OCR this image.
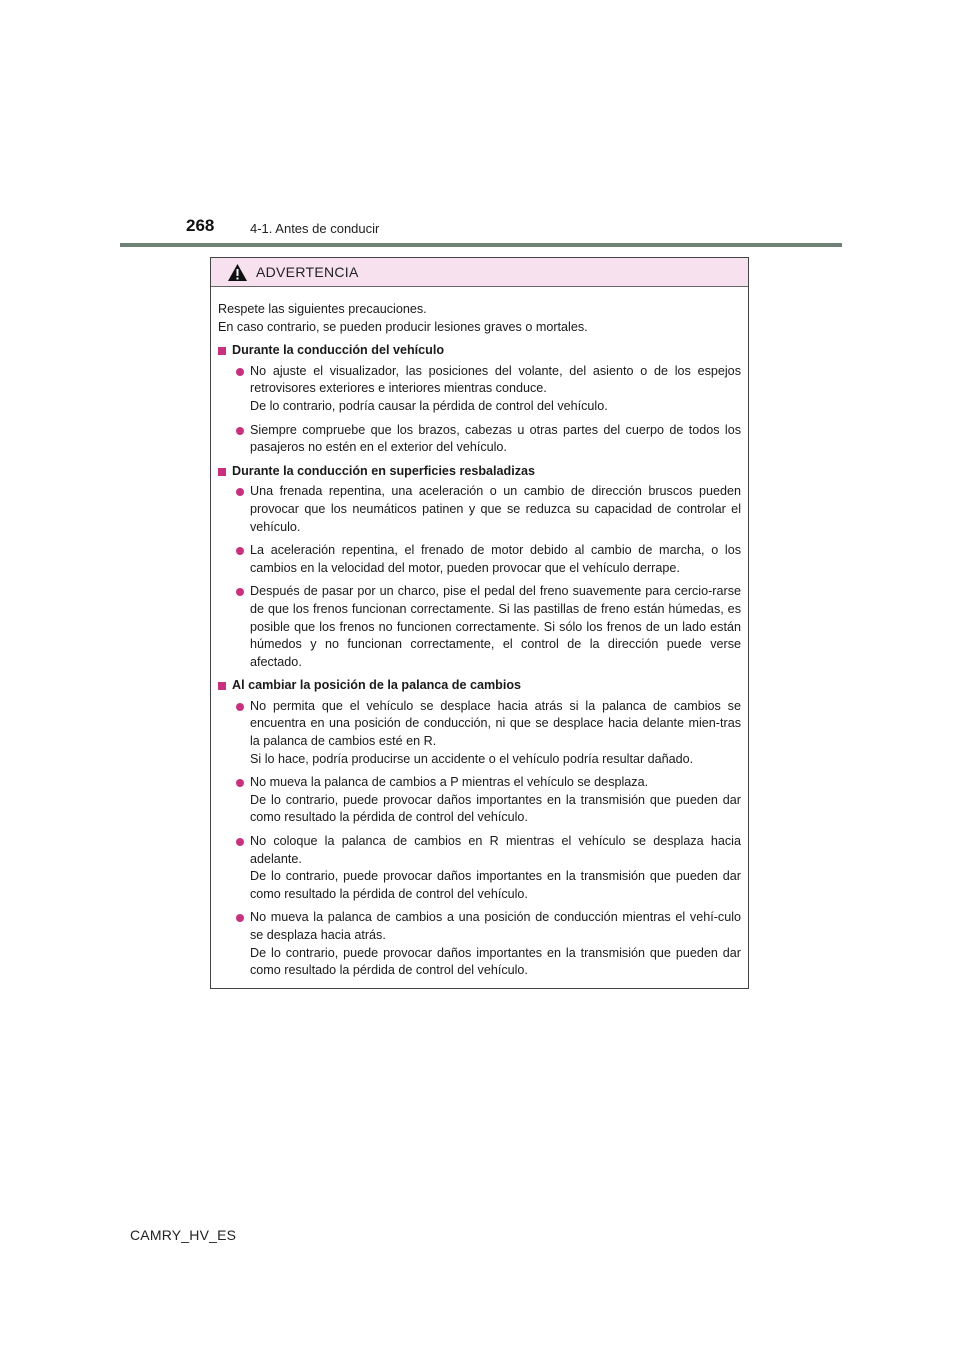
268	4-1. Antes de conducir
ADVERTENCIA

Respete las siguientes precauciones.

En caso contrario, se pueden producir lesiones graves o mortales.

Durante la conducción del vehículo

No ajuste el visualizador, las posiciones del volante, del asiento o de los espejos retrovisores exteriores e interiores mientras conduce.

De lo contrario, podría causar la pérdida de control del vehículo.

Siempre compruebe que los brazos, cabezas u otras partes del cuerpo de todos los pasajeros no estén en el exterior del vehículo.

Durante la conducción en superficies resbaladizas

Una frenada repentina, una aceleración o un cambio de dirección bruscos pueden provocar que los neumáticos patinen y que se reduzca su capacidad de controlar el vehículo.

La aceleración repentina, el frenado de motor debido al cambio de marcha, o los cambios en la velocidad del motor, pueden provocar que el vehículo derrape.

Después de pasar por un charco, pise el pedal del freno suavemente para cercio-rarse de que los frenos funcionan correctamente. Si las pastillas de freno están húmedas, es posible que los frenos no funcionen correctamente. Si sólo los frenos de un lado están húmedos y no funcionan correctamente, el control de la dirección puede verse afectado.

Al cambiar la posición de la palanca de cambios

No permita que el vehículo se desplace hacia atrás si la palanca de cambios se encuentra en una posición de conducción, ni que se desplace hacia delante mien-tras la palanca de cambios esté en R.

Si lo hace, podría producirse un accidente o el vehículo podría resultar dañado.

No mueva la palanca de cambios a P mientras el vehículo se desplaza.

De lo contrario, puede provocar daños importantes en la transmisión que pueden dar como resultado la pérdida de control del vehículo.

No coloque la palanca de cambios en R mientras el vehículo se desplaza hacia adelante.

De lo contrario, puede provocar daños importantes en la transmisión que pueden dar como resultado la pérdida de control del vehículo.

No mueva la palanca de cambios a una posición de conducción mientras el vehí-culo se desplaza hacia atrás.

De lo contrario, puede provocar daños importantes en la transmisión que pueden dar como resultado la pérdida de control del vehículo.

CAMRY_HV_ES
